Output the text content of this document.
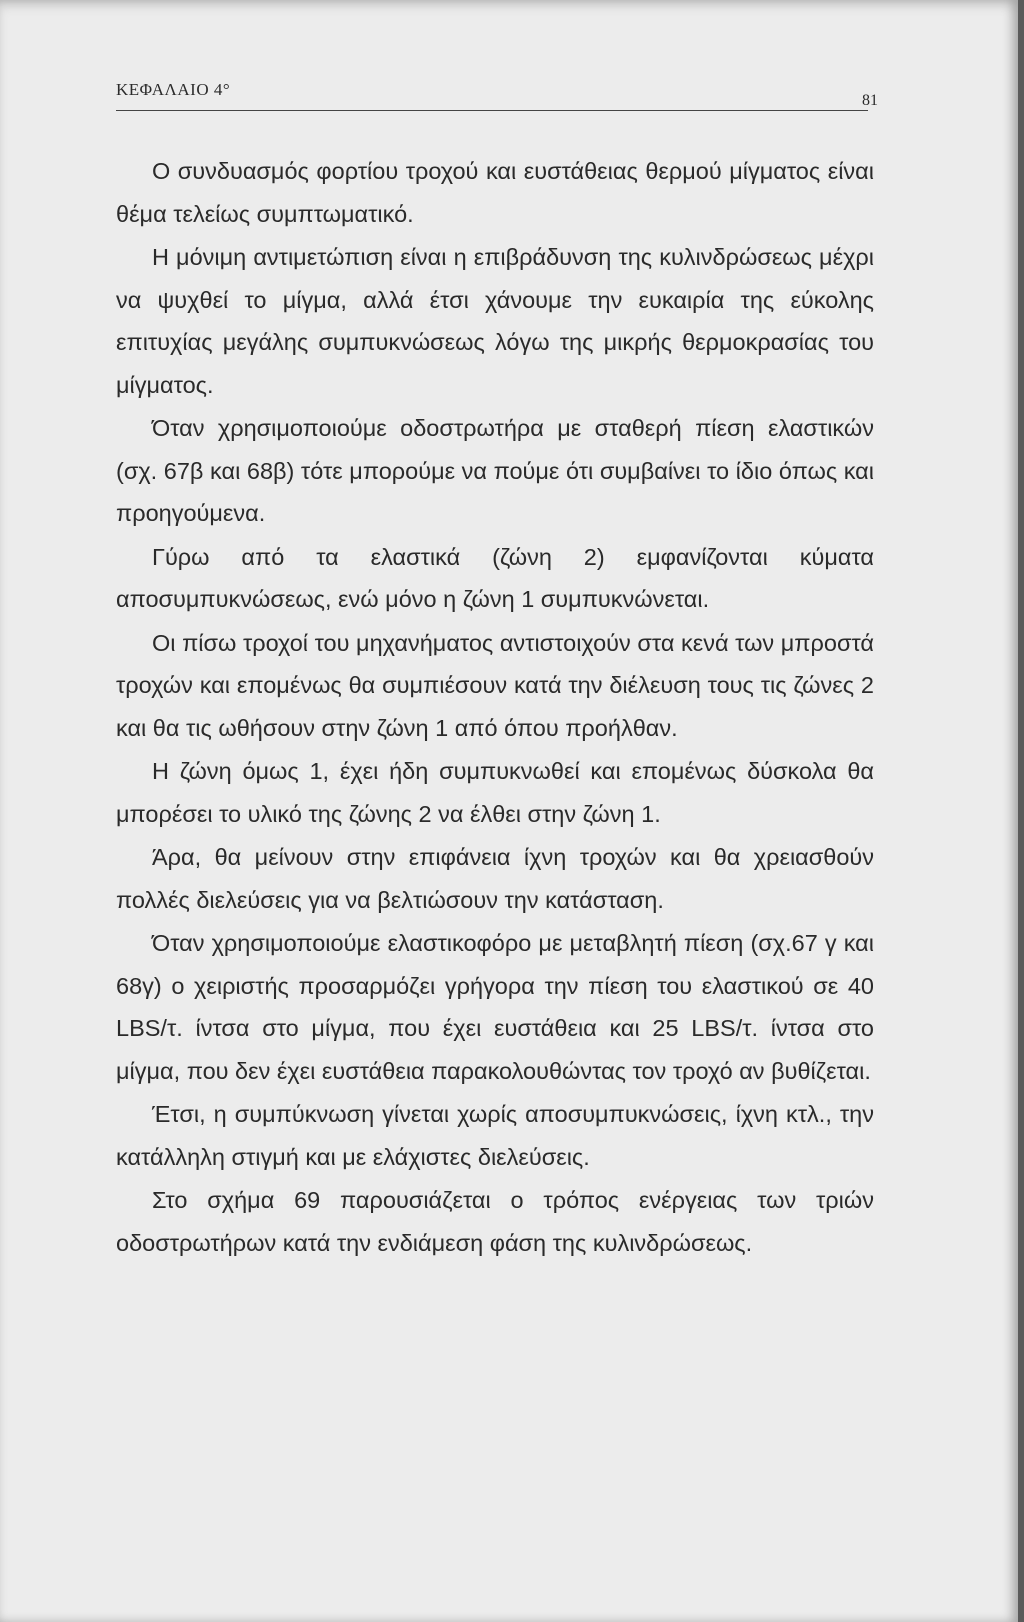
ΚΕΦΑΛΑΙΟ 4°
81

Ο συνδυασμός φορτίου τροχού και ευστάθειας θερμού μίγματος είναι θέμα τελείως συμπτωματικό.

Η μόνιμη αντιμετώπιση είναι η επιβράδυνση της κυλινδρώσεως μέχρι να ψυχθεί το μίγμα, αλλά έτσι χάνουμε την ευκαιρία της εύκολης επιτυχίας μεγάλης συμπυκνώσεως λόγω της μικρής θερμοκρασίας του μίγματος.

Όταν χρησιμοποιούμε οδοστρωτήρα με σταθερή πίεση ελαστικών (σχ. 67β και 68β) τότε μπορούμε να πούμε ότι συμβαίνει το ίδιο όπως και προηγούμενα.

Γύρω από τα ελαστικά (ζώνη 2) εμφανίζονται κύματα αποσυμπυκνώσεως, ενώ μόνο η ζώνη 1 συμπυκνώνεται.

Οι πίσω τροχοί του μηχανήματος αντιστοιχούν στα κενά των μπροστά τροχών και επομένως θα συμπιέσουν κατά την διέλευση τους τις ζώνες 2 και θα τις ωθήσουν στην ζώνη 1 από όπου προήλθαν.

Η ζώνη όμως 1, έχει ήδη συμπυκνωθεί και επομένως δύσκολα θα μπορέσει το υλικό της ζώνης 2 να έλθει στην ζώνη 1.

Άρα, θα μείνουν στην επιφάνεια ίχνη τροχών και θα χρειασθούν πολλές διελεύσεις για να βελτιώσουν την κατάσταση.

Όταν χρησιμοποιούμε ελαστικοφόρο με μεταβλητή πίεση (σχ.67 γ και 68γ) ο χειριστής προσαρμόζει γρήγορα την πίεση του ελαστικού σε 40 LBS/τ. ίντσα στο μίγμα, που έχει ευστάθεια και 25 LBS/τ. ίντσα στο μίγμα, που δεν έχει ευστάθεια παρακολουθώντας τον τροχό αν βυθίζεται.

Έτσι, η συμπύκνωση γίνεται χωρίς αποσυμπυκνώσεις, ίχνη κτλ., την κατάλληλη στιγμή και με ελάχιστες διελεύσεις.

Στο σχήμα 69 παρουσιάζεται ο τρόπος ενέργειας των τριών οδοστρωτήρων κατά την ενδιάμεση φάση της κυλινδρώσεως.
